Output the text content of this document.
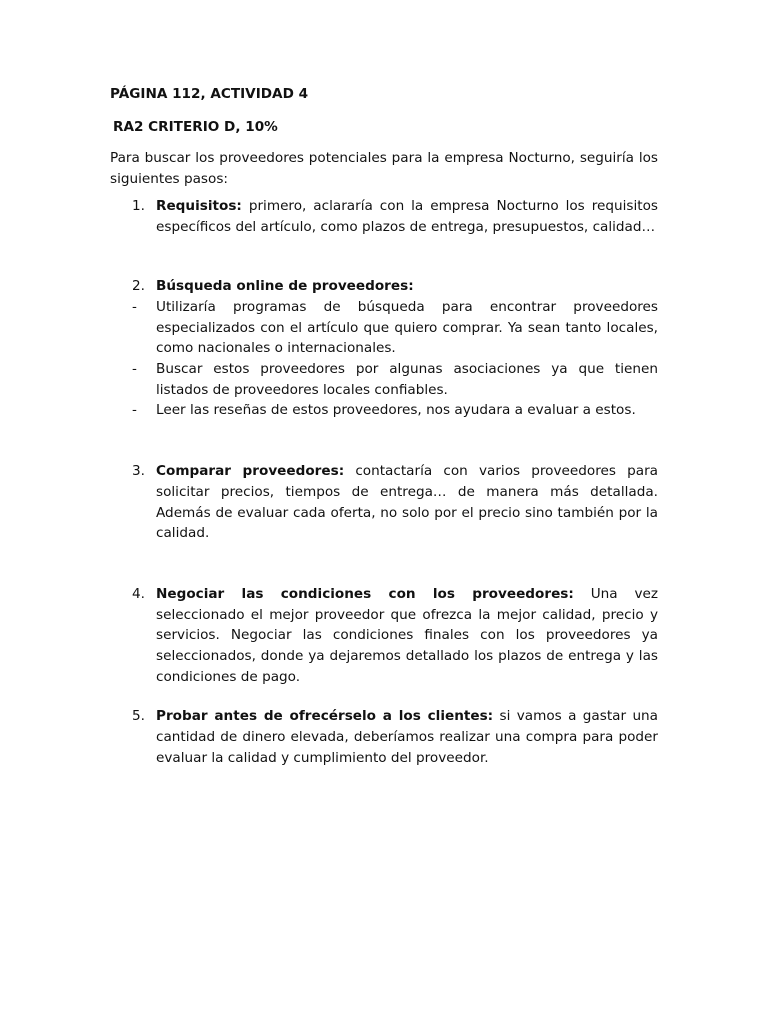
PÁGINA 112, ACTIVIDAD 4

RA2 CRITERIO D, 10%

Para buscar los proveedores potenciales para la empresa Nocturno, seguiría los siguientes pasos:

1. Requisitos: primero, aclararía con la empresa Nocturno los requisitos específicos del artículo, como plazos de entrega, presupuestos, calidad…
2. Búsqueda online de proveedores:
- Utilizaría programas de búsqueda para encontrar proveedores
especializados con el artículo que quiero comprar. Ya sean tanto locales, como nacionales o internacionales.
- Buscar estos proveedores por algunas asociaciones ya que tienen listados de proveedores locales confiables.
- Leer las reseñas de estos proveedores, nos ayudara a evaluar a estos.
3. Comparar proveedores: contactaría con varios proveedores para solicitar precios, tiempos de entrega… de manera más detallada. Además de evaluar cada oferta, no solo por el precio sino también por la calidad.
4. Negociar las condiciones con los proveedores: Una vez seleccionado el mejor proveedor que ofrezca la mejor calidad, precio y servicios. Negociar las condiciones finales con los proveedores ya seleccionados, donde ya dejaremos detallado los plazos de entrega y las condiciones de pago.
5. Probar antes de ofrecérselo a los clientes: si vamos a gastar una cantidad de dinero elevada, deberíamos realizar una compra para poder evaluar la calidad y cumplimiento del proveedor.
